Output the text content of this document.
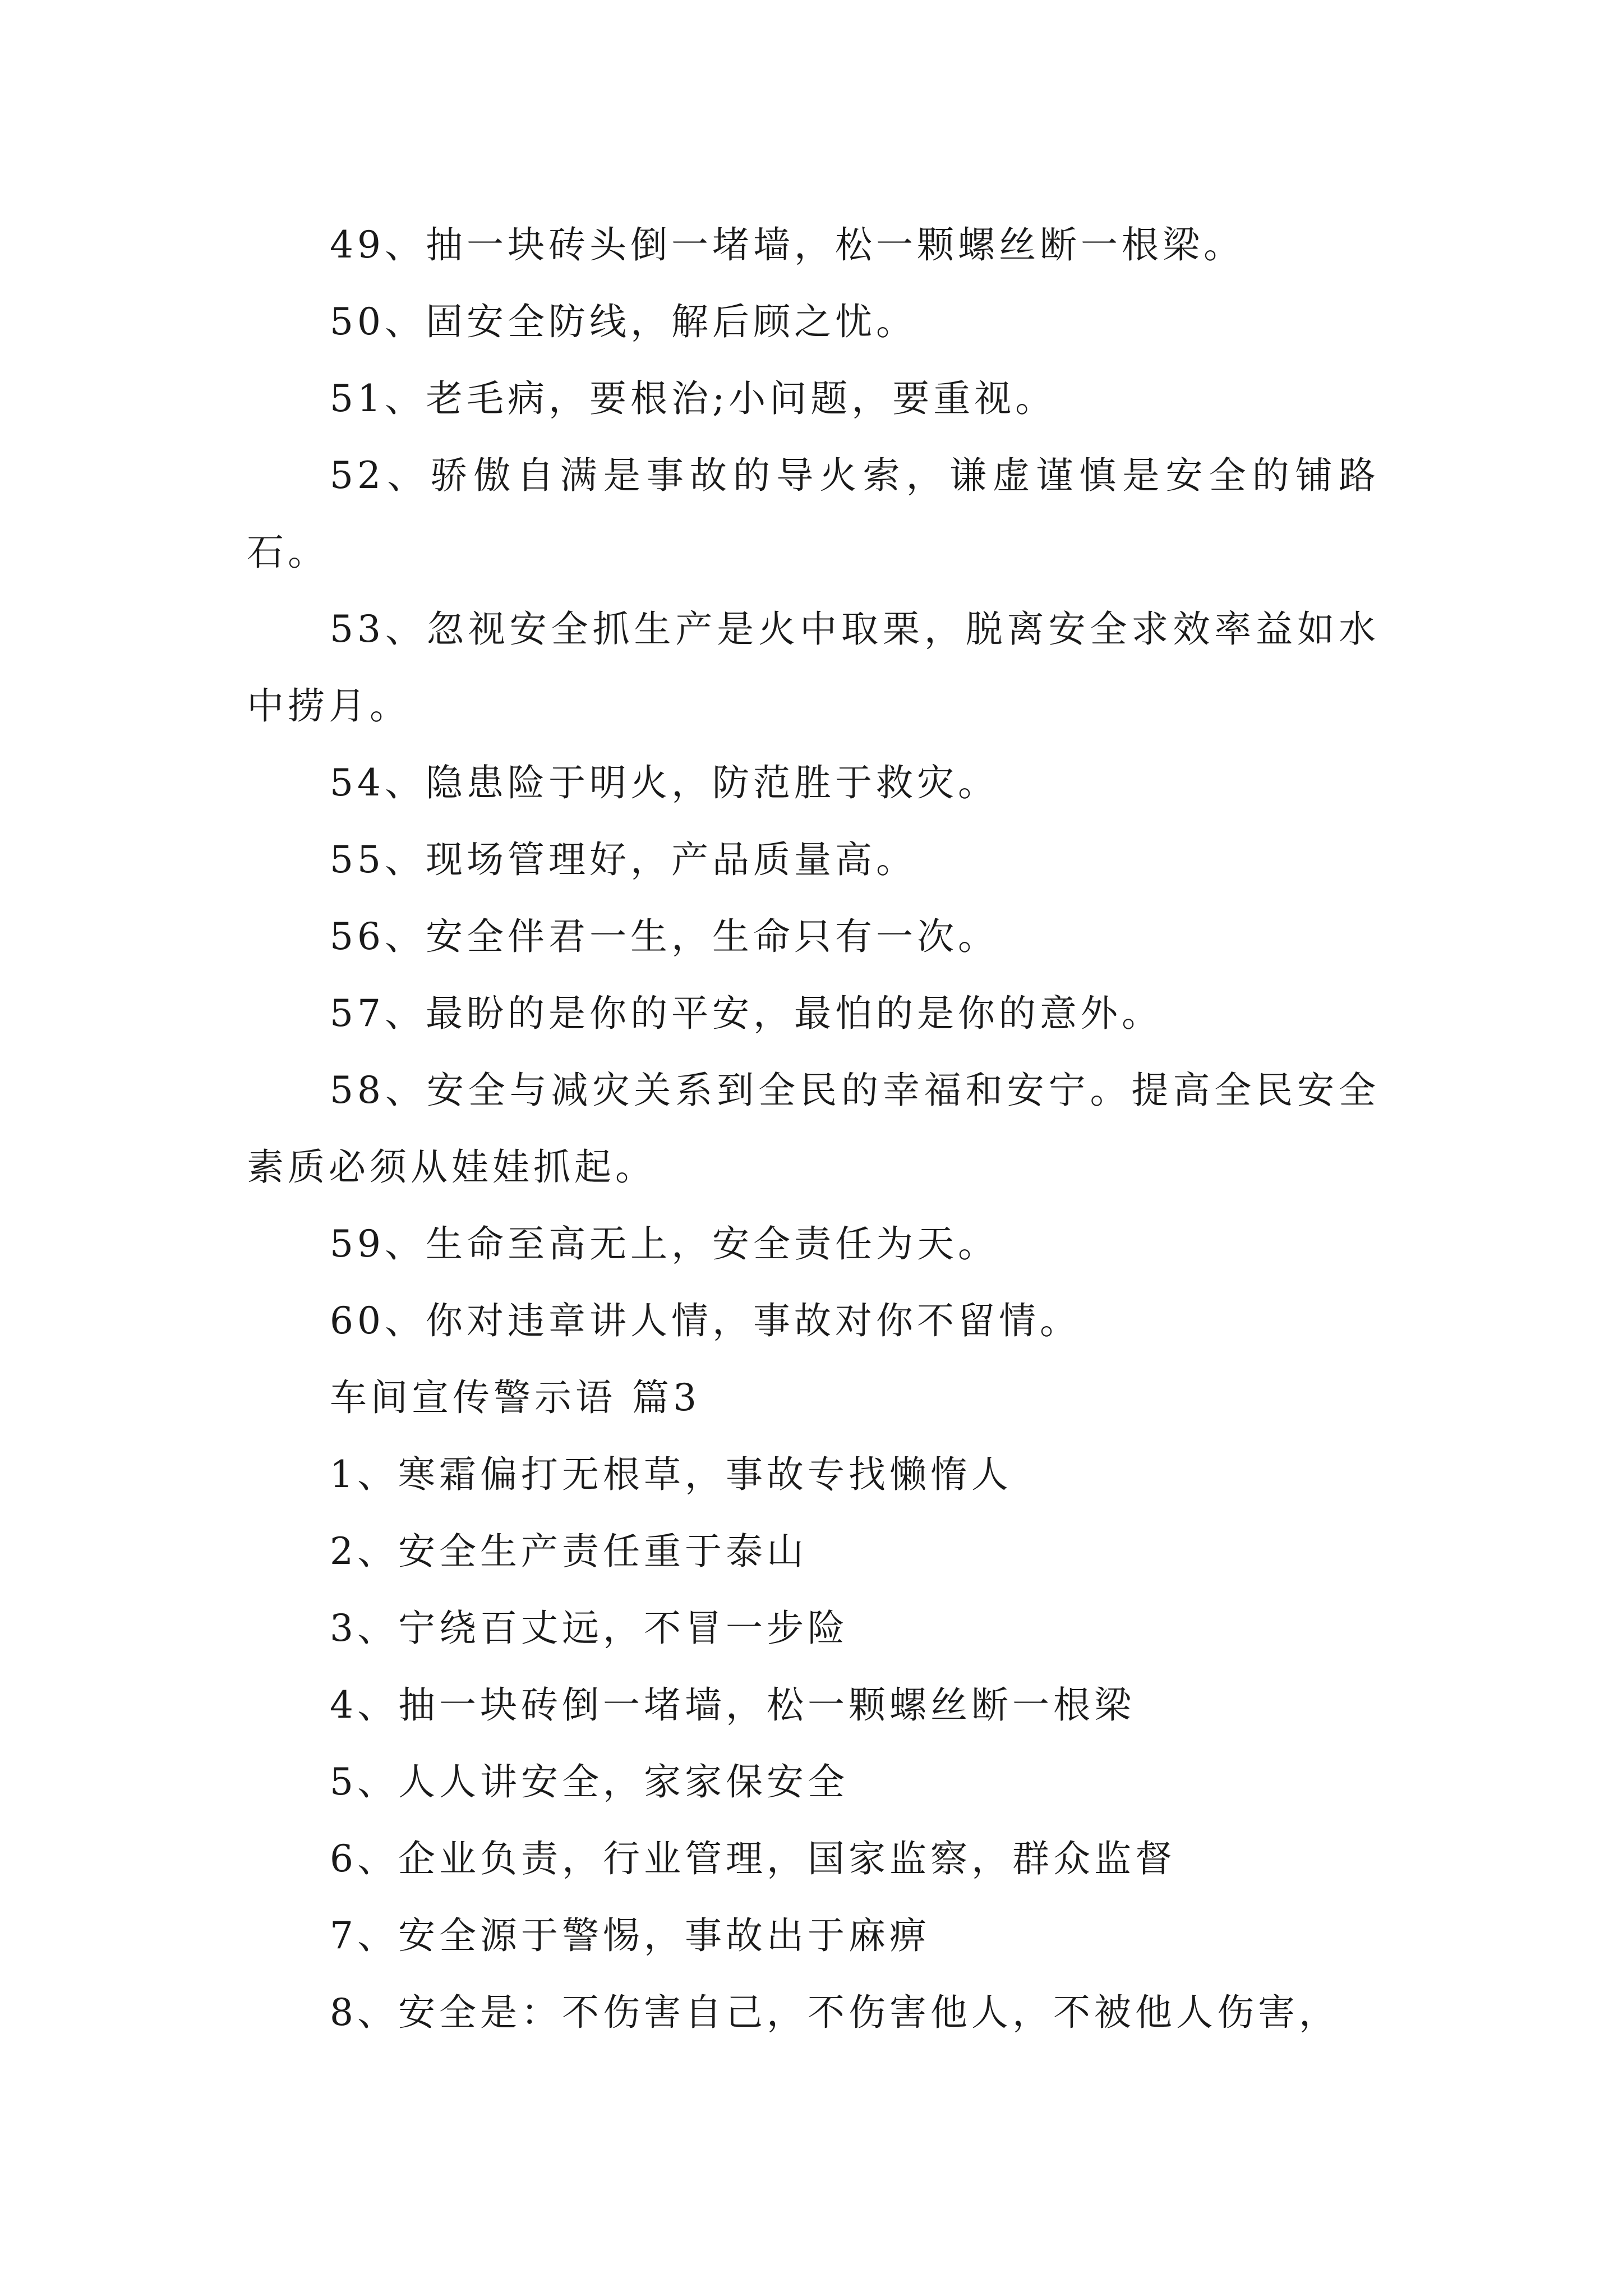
49、抽一块砖头倒一堵墙，松一颗螺丝断一根梁。

50、固安全防线，解后顾之忧。

51、老毛病，要根治;小问题，要重视。

52、骄傲自满是事故的导火索，谦虚谨慎是安全的铺路石。

53、忽视安全抓生产是火中取栗，脱离安全求效率益如水中捞月。

54、隐患险于明火，防范胜于救灾。

55、现场管理好，产品质量高。

56、安全伴君一生，生命只有一次。

57、最盼的是你的平安，最怕的是你的意外。

58、安全与减灾关系到全民的幸福和安宁。提高全民安全素质必须从娃娃抓起。

59、生命至高无上，安全责任为天。

60、你对违章讲人情，事故对你不留情。

车间宣传警示语 篇3

1、寒霜偏打无根草，事故专找懒惰人

2、安全生产责任重于泰山

3、宁绕百丈远，不冒一步险

4、抽一块砖倒一堵墙，松一颗螺丝断一根梁

5、人人讲安全，家家保安全

6、企业负责，行业管理，国家监察，群众监督

7、安全源于警惕，事故出于麻痹

8、安全是：不伤害自己，不伤害他人，不被他人伤害，
